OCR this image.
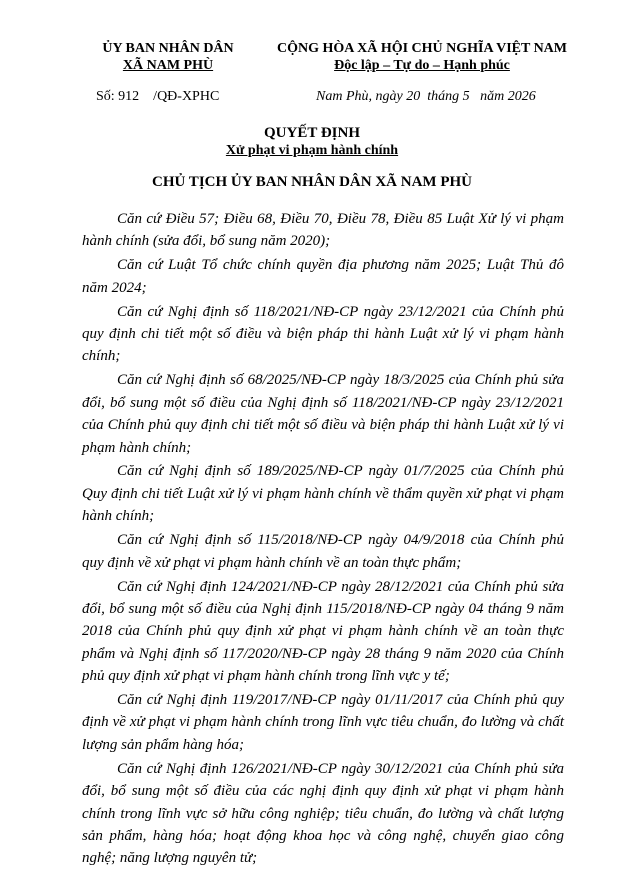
ỦY BAN NHÂN DÂN
XÃ NAM PHÙ
CỘNG HÒA XÃ HỘI CHỦ NGHĨA VIỆT NAM
Độc lập – Tự do – Hạnh phúc
Số: 912    /QĐ-XPHC	Nam Phù, ngày 20  tháng 5   năm 2026
QUYẾT ĐỊNH
Xử phạt vi phạm hành chính
CHỦ TỊCH ỦY BAN NHÂN DÂN XÃ NAM PHÙ

Căn cứ Điều 57; Điều 68, Điều 70, Điều 78, Điều 85 Luật Xử lý vi phạm hành chính (sửa đổi, bổ sung năm 2020);

Căn cứ Luật Tổ chức chính quyền địa phương năm 2025; Luật Thủ đô năm 2024;

Căn cứ Nghị định số 118/2021/NĐ-CP ngày 23/12/2021 của Chính phủ quy định chi tiết một số điều và biện pháp thi hành Luật xử lý vi phạm hành chính;

Căn cứ Nghị định số 68/2025/NĐ-CP ngày 18/3/2025 của Chính phủ sửa đổi, bổ sung một số điều của Nghị định số 118/2021/NĐ-CP ngày 23/12/2021 của Chính phủ quy định chi tiết một số điều và biện pháp thi hành Luật xử lý vi phạm hành chính;

Căn cứ Nghị định số 189/2025/NĐ-CP ngày 01/7/2025 của Chính phủ Quy định chi tiết Luật xử lý vi phạm hành chính về thẩm quyền xử phạt vi phạm hành chính;

Căn cứ Nghị định số 115/2018/NĐ-CP ngày 04/9/2018 của Chính phủ quy định về xử phạt vi phạm hành chính về an toàn thực phẩm;

Căn cứ Nghị định 124/2021/NĐ-CP ngày 28/12/2021 của Chính phủ sửa đổi, bổ sung một số điều của Nghị định 115/2018/NĐ-CP ngày 04 tháng 9 năm 2018 của Chính phủ quy định xử phạt vi phạm hành chính về an toàn thực phẩm và Nghị định số 117/2020/NĐ-CP ngày 28 tháng 9 năm 2020 của Chính phủ quy định xử phạt vi phạm hành chính trong lĩnh vực y tế;

Căn cứ Nghị định 119/2017/NĐ-CP ngày 01/11/2017 của Chính phủ quy định về xử phạt vi phạm hành chính trong lĩnh vực tiêu chuẩn, đo lường và chất lượng sản phẩm hàng hóa;

Căn cứ Nghị định 126/2021/NĐ-CP ngày 30/12/2021 của Chính phủ sửa đổi, bổ sung một số điều của các nghị định quy định xử phạt vi phạm hành chính trong lĩnh vực sở hữu công nghiệp; tiêu chuẩn, đo lường và chất lượng sản phẩm, hàng hóa; hoạt động khoa học và công nghệ, chuyển giao công nghệ; năng lượng nguyên tử;
